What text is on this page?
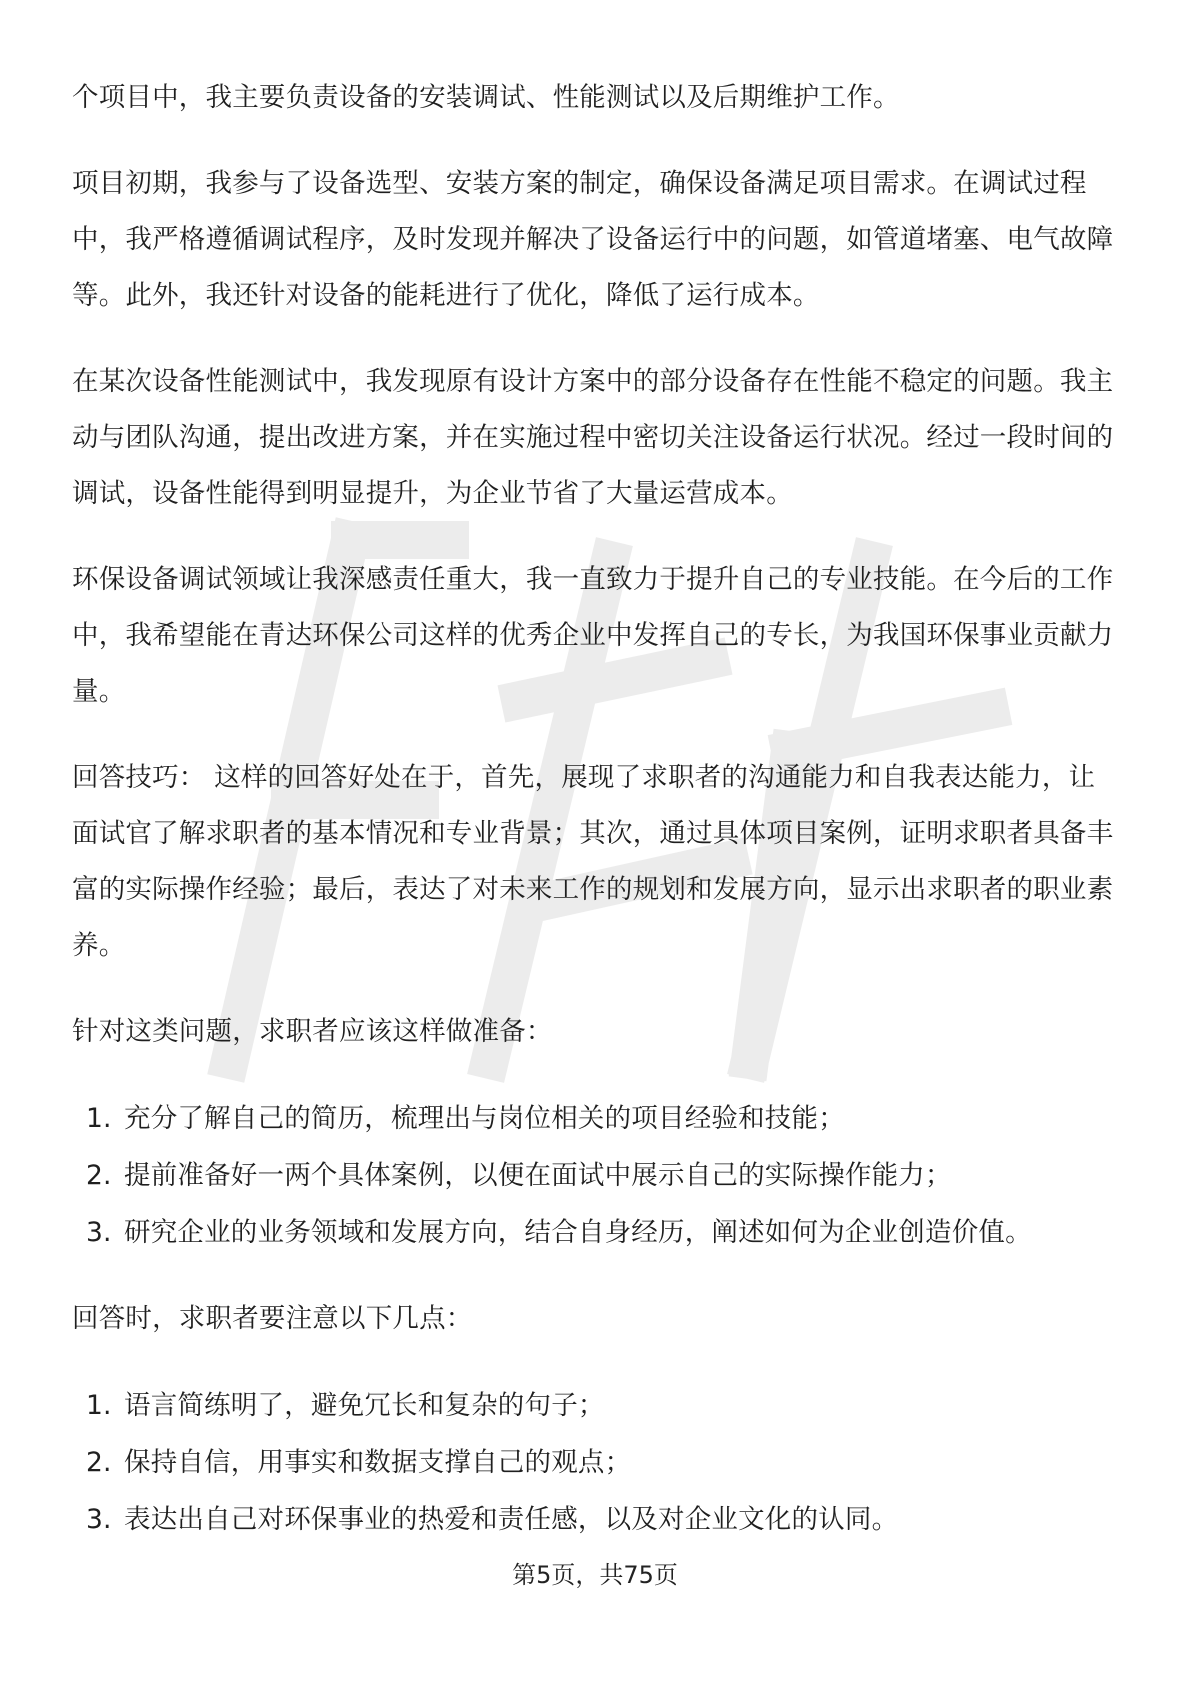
个项目中，我主要负责设备的安装调试、性能测试以及后期维护工作。

项目初期，我参与了设备选型、安装方案的制定，确保设备满足项目需求。在调试过程中，我严格遵循调试程序，及时发现并解决了设备运行中的问题，如管道堵塞、电气故障等。此外，我还针对设备的能耗进行了优化，降低了运行成本。

在某次设备性能测试中，我发现原有设计方案中的部分设备存在性能不稳定的问题。我主动与团队沟通，提出改进方案，并在实施过程中密切关注设备运行状况。经过一段时间的调试，设备性能得到明显提升，为企业节省了大量运营成本。

环保设备调试领域让我深感责任重大，我一直致力于提升自己的专业技能。在今后的工作中，我希望能在青达环保公司这样的优秀企业中发挥自己的专长，为我国环保事业贡献力量。

回答技巧： 这样的回答好处在于，首先，展现了求职者的沟通能力和自我表达能力，让面试官了解求职者的基本情况和专业背景；其次，通过具体项目案例，证明求职者具备丰富的实际操作经验；最后，表达了对未来工作的规划和发展方向，显示出求职者的职业素养。

针对这类问题，求职者应该这样做准备：

1. 充分了解自己的简历，梳理出与岗位相关的项目经验和技能；
2. 提前准备好一两个具体案例，以便在面试中展示自己的实际操作能力；
3. 研究企业的业务领域和发展方向，结合自身经历，阐述如何为企业创造价值。

回答时，求职者要注意以下几点：

1. 语言简练明了，避免冗长和复杂的句子；
2. 保持自信，用事实和数据支撑自己的观点；
3. 表达出自己对环保事业的热爱和责任感，以及对企业文化的认同。
第5页，共75页
